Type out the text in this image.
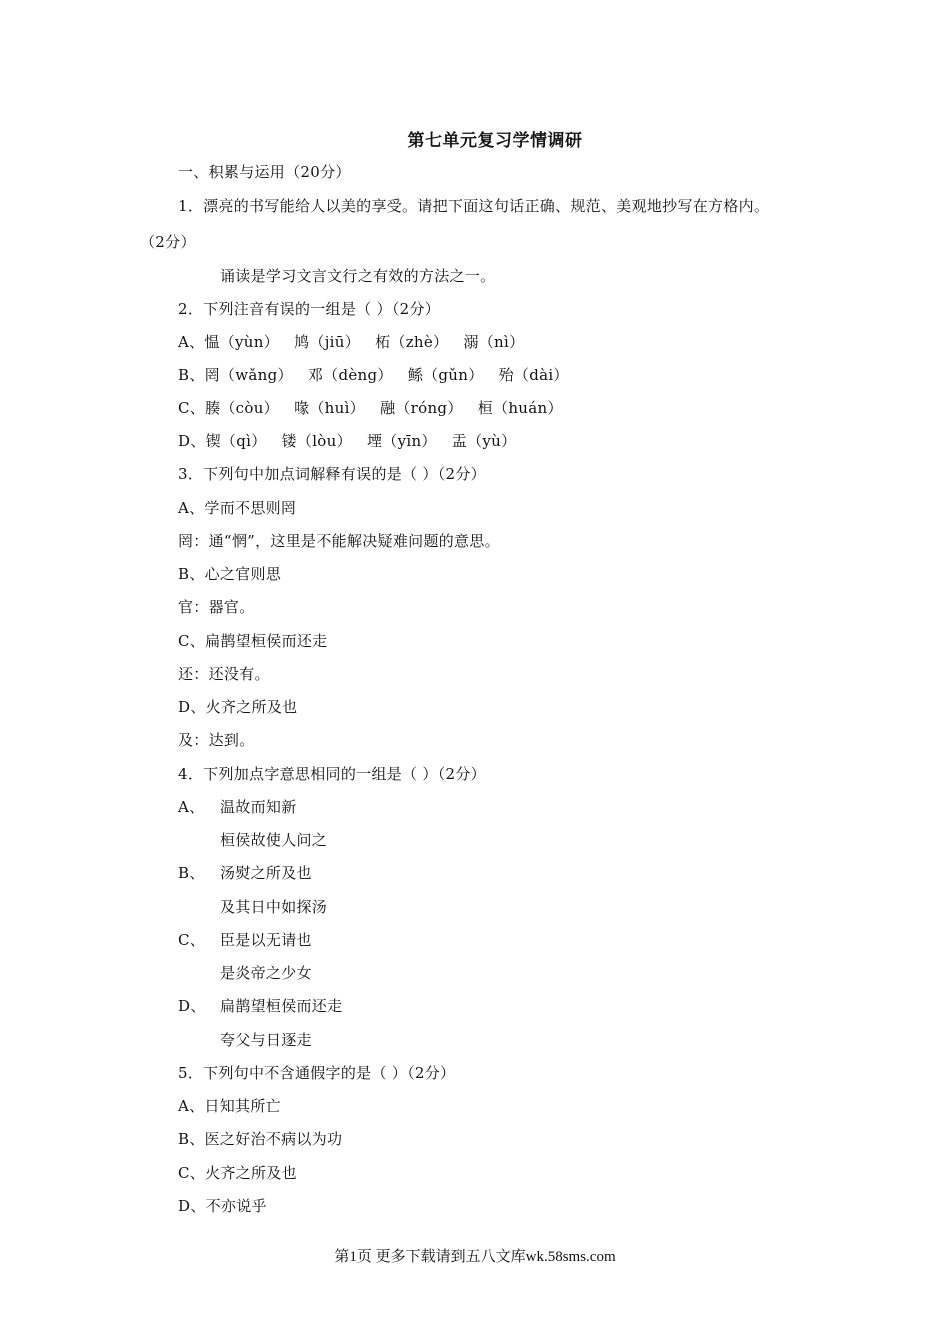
第七单元复习学情调研
一、积累与运用（20分）
1．漂亮的书写能给人以美的享受。请把下面这句话正确、规范、美观地抄写在方格内。
（2分）
诵读是学习文言文行之有效的方法之一。
2．下列注音有误的一组是（ ）（2分）
A、愠（yùn） 鸠（jiū） 柘（zhè） 溺（nì）
B、罔（wǎng） 邓（dèng） 鲧（gǔn） 殆（dài）
C、腠（còu） 喙（huì） 融（róng） 桓（huán）
D、锲（qì） 镂（lòu） 堙（yīn） 盂（yù）
3．下列句中加点词解释有误的是（ ）（2分）
A、学而不思则罔
罔：通“惘”，这里是不能解决疑难问题的意思。
B、心之官则思
官：器官。
C、扁鹊望桓侯而还走
还：还没有。
D、火齐之所及也
及：达到。
4．下列加点字意思相同的一组是（ ）（2分）
A、 温故而知新
桓侯故使人问之
B、 汤熨之所及也
及其日中如探汤
C、 臣是以无请也
是炎帝之少女
D、 扁鹊望桓侯而还走
夸父与日逐走
5．下列句中不含通假字的是（ ）（2分）
A、日知其所亡
B、医之好治不病以为功
C、火齐之所及也
D、不亦说乎
第1页 更多下载请到五八文库wk.58sms.com
